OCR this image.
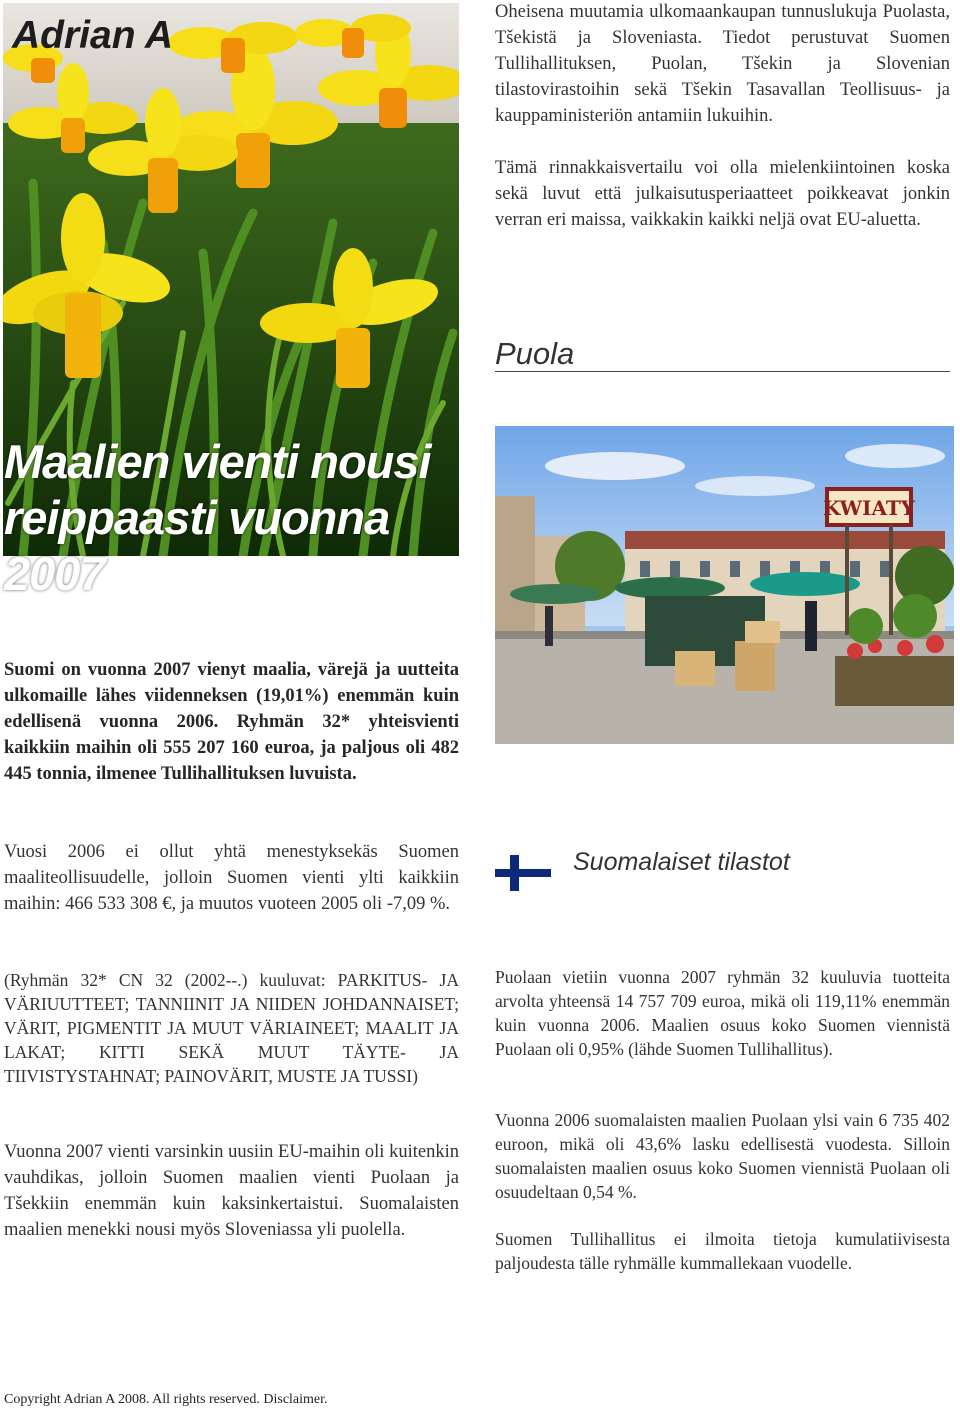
Adrian A
Maalien vienti nousi
reippaasti vuonna 2007
Oheisena muutamia ulkomaankaupan tunnuslukuja Puolasta, Tšekistä ja Sloveniasta. Tiedot perustuvat Suomen Tullihallituksen, Puolan, Tšekin ja Slovenian tilastovirastoihin sekä Tšekin Tasavallan Teollisuus- ja kauppaministeriön antamiin lukuihin.
Tämä rinnakkaisvertailu voi olla mielenkiintoinen koska sekä luvut että julkaisutusperiaatteet poikkeavat jonkin verran eri maissa, vaikkakin kaikki neljä ovat EU-aluetta.
Puola
KWIATY
Suomalaiset tilastot
Puolaan vietiin vuonna 2007 ryhmän 32 kuuluvia tuotteita arvolta yhteensä 14 757 709 euroa, mikä oli 119,11% enemmän kuin vuonna 2006. Maalien osuus koko Suomen viennistä Puolaan oli 0,95% (lähde Suomen Tullihallitus).
Vuonna 2006 suomalaisten maalien Puolaan ylsi vain 6 735 402 euroon, mikä oli 43,6% lasku edellisestä vuodesta. Silloin suomalaisten maalien osuus koko Suomen viennistä Puolaan oli osuudeltaan 0,54 %.
Suomen Tullihallitus ei ilmoita tietoja kumulatiivisesta paljoudesta tälle ryhmälle kummallekaan vuodelle.
Suomi on vuonna 2007 vienyt maalia, värejä ja uutteita ulkomaille lähes viidenneksen (19,01%) enemmän kuin edellisenä vuonna 2006. Ryhmän 32* yhteisvienti kaikkiin maihin oli 555 207 160 euroa, ja paljous oli 482 445 tonnia, ilmenee Tullihallituksen luvuista.
Vuosi 2006 ei ollut yhtä menestyksekäs Suomen maaliteollisuudelle, jolloin Suomen vienti ylti kaikkiin maihin: 466 533 308 €, ja muutos vuoteen 2005 oli -7,09 %.
(Ryhmän 32* CN 32 (2002--.) kuuluvat: PARKITUS- JA VÄRIUUTTEET; TANNIINIT JA NIIDEN JOHDANNAISET; VÄRIT, PIGMENTIT JA MUUT VÄRIAINEET; MAALIT JA LAKAT; KITTI SEKÄ MUUT TÄYTE- JA TIIVISTYSTAHNAT; PAINOVÄRIT, MUSTE JA TUSSI)
Vuonna 2007 vienti varsinkin uusiin EU-maihin oli kuitenkin vauhdikas, jolloin Suomen maalien vienti Puolaan ja Tšekkiin enemmän kuin kaksinkertaistui. Suomalaisten maalien menekki nousi myös Sloveniassa yli puolella.
Copyright Adrian A 2008. All rights reserved. Disclaimer.
